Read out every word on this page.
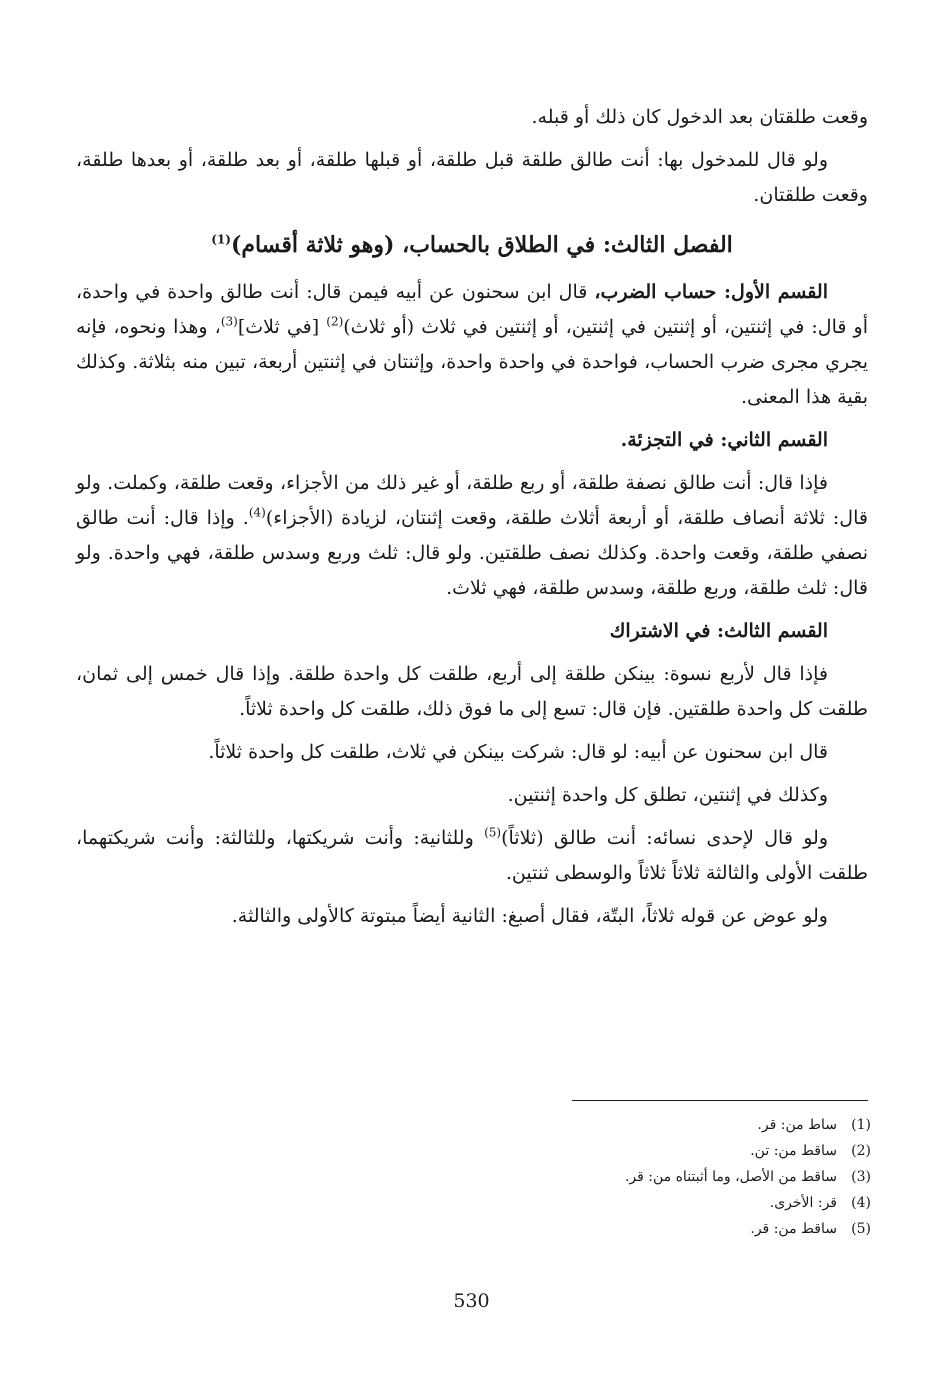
وقعت طلقتان بعد الدخول كان ذلك أو قبله.

ولو قال للمدخول بها: أنت طالق طلقة قبل طلقة، أو قبلها طلقة، أو بعد طلقة، أو بعدها طلقة، وقعت طلقتان.

الفصل الثالث: في الطلاق بالحساب، (وهو ثلاثة أقسام)$^{(1)}$

القسم الأول: حساب الضرب، قال ابن سحنون عن أبيه فيمن قال: أنت طالق واحدة في واحدة، أو قال: في إثنتين، أو إثنتين في إثنتين، أو إثنتين في ثلاث (أو ثلاث)$^{(2)}$ [في ثلاث]$^{(3)}$، وهذا ونحوه، فإنه يجري مجرى ضرب الحساب، فواحدة في واحدة واحدة، وإثنتان في إثنتين أربعة، تبين منه بثلاثة. وكذلك بقية هذا المعنى.

القسم الثاني: في التجزئة.

فإذا قال: أنت طالق نصفة طلقة، أو ربع طلقة، أو غير ذلك من الأجزاء، وقعت طلقة، وكملت. ولو قال: ثلاثة أنصاف طلقة، أو أربعة أثلاث طلقة، وقعت إثنتان، لزيادة (الأجزاء)$^{(4)}$. وإذا قال: أنت طالق نصفي طلقة، وقعت واحدة. وكذلك نصف طلقتين. ولو قال: ثلث وربع وسدس طلقة، فهي واحدة. ولو قال: ثلث طلقة، وربع طلقة، وسدس طلقة، فهي ثلاث.

القسم الثالث: في الاشتراك

فإذا قال لأربع نسوة: بينكن طلقة إلى أربع، طلقت كل واحدة طلقة. وإذا قال خمس إلى ثمان، طلقت كل واحدة طلقتين. فإن قال: تسع إلى ما فوق ذلك، طلقت كل واحدة ثلاثاً.

قال ابن سحنون عن أبيه: لو قال: شركت بينكن في ثلاث، طلقت كل واحدة ثلاثاً.

وكذلك في إثنتين، تطلق كل واحدة إثنتين.

ولو قال لإحدى نسائه: أنت طالق (ثلاثاً)$^{(5)}$ وللثانية: وأنت شريكتها، وللثالثة: وأنت شريكتهما، طلقت الأولى والثالثة ثلاثاً ثلاثاً والوسطى ثنتين.

ولو عوض عن قوله ثلاثاً، البتّة، فقال أصبغ: الثانية أيضاً مبتوتة كالأولى والثالثة.

(1)
ساط من: قر.
(2)
ساقط من: تن.
(3)
ساقط من الأصل، وما أثبتناه من: قر.
(4)
قر: الأخرى.
(5)
ساقط من: قر.
530
